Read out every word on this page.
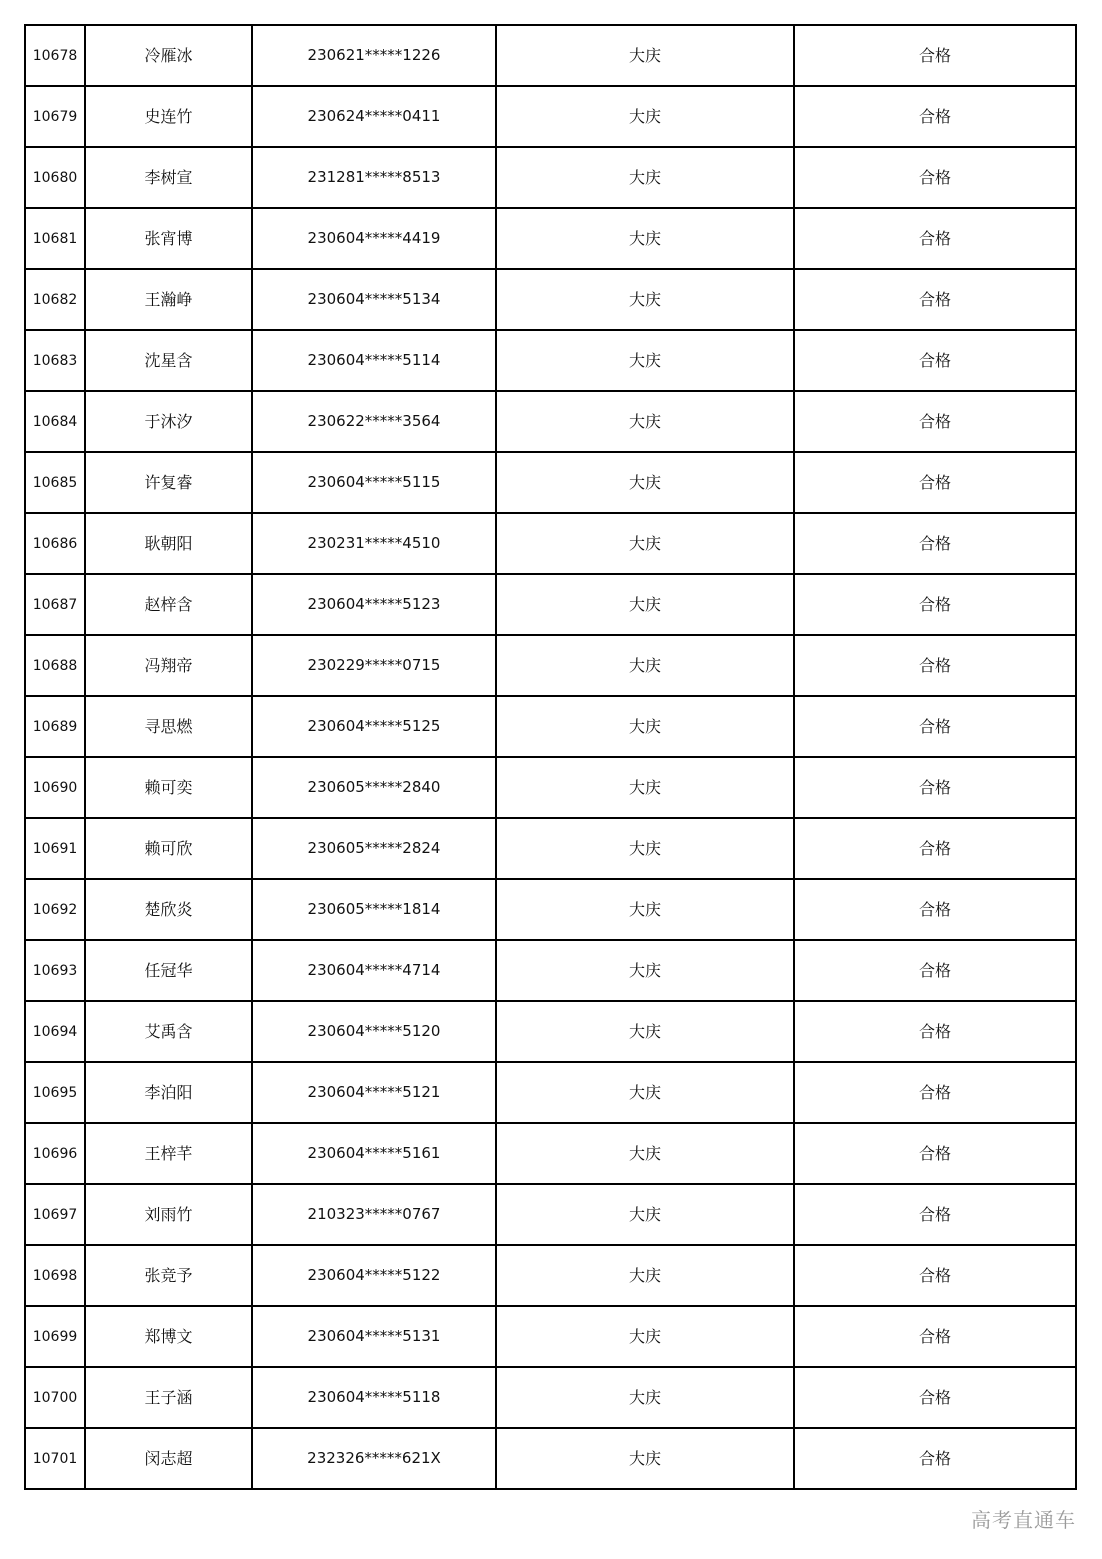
10678	冷雁冰	230621*****1226	大庆	合格
10679	史连竹	230624*****0411	大庆	合格
10680	李树宣	231281*****8513	大庆	合格
10681	张宵博	230604*****4419	大庆	合格
10682	王瀚峥	230604*****5134	大庆	合格
10683	沈星含	230604*****5114	大庆	合格
10684	于沐汐	230622*****3564	大庆	合格
10685	许复睿	230604*****5115	大庆	合格
10686	耿朝阳	230231*****4510	大庆	合格
10687	赵梓含	230604*****5123	大庆	合格
10688	冯翔帝	230229*****0715	大庆	合格
10689	寻思燃	230604*****5125	大庆	合格
10690	赖可奕	230605*****2840	大庆	合格
10691	赖可欣	230605*****2824	大庆	合格
10692	楚欣炎	230605*****1814	大庆	合格
10693	任冠华	230604*****4714	大庆	合格
10694	艾禹含	230604*****5120	大庆	合格
10695	李泊阳	230604*****5121	大庆	合格
10696	王梓芊	230604*****5161	大庆	合格
10697	刘雨竹	210323*****0767	大庆	合格
10698	张竞予	230604*****5122	大庆	合格
10699	郑博文	230604*****5131	大庆	合格
10700	王子涵	230604*****5118	大庆	合格
10701	闵志超	232326*****621X	大庆	合格
高考直通车
